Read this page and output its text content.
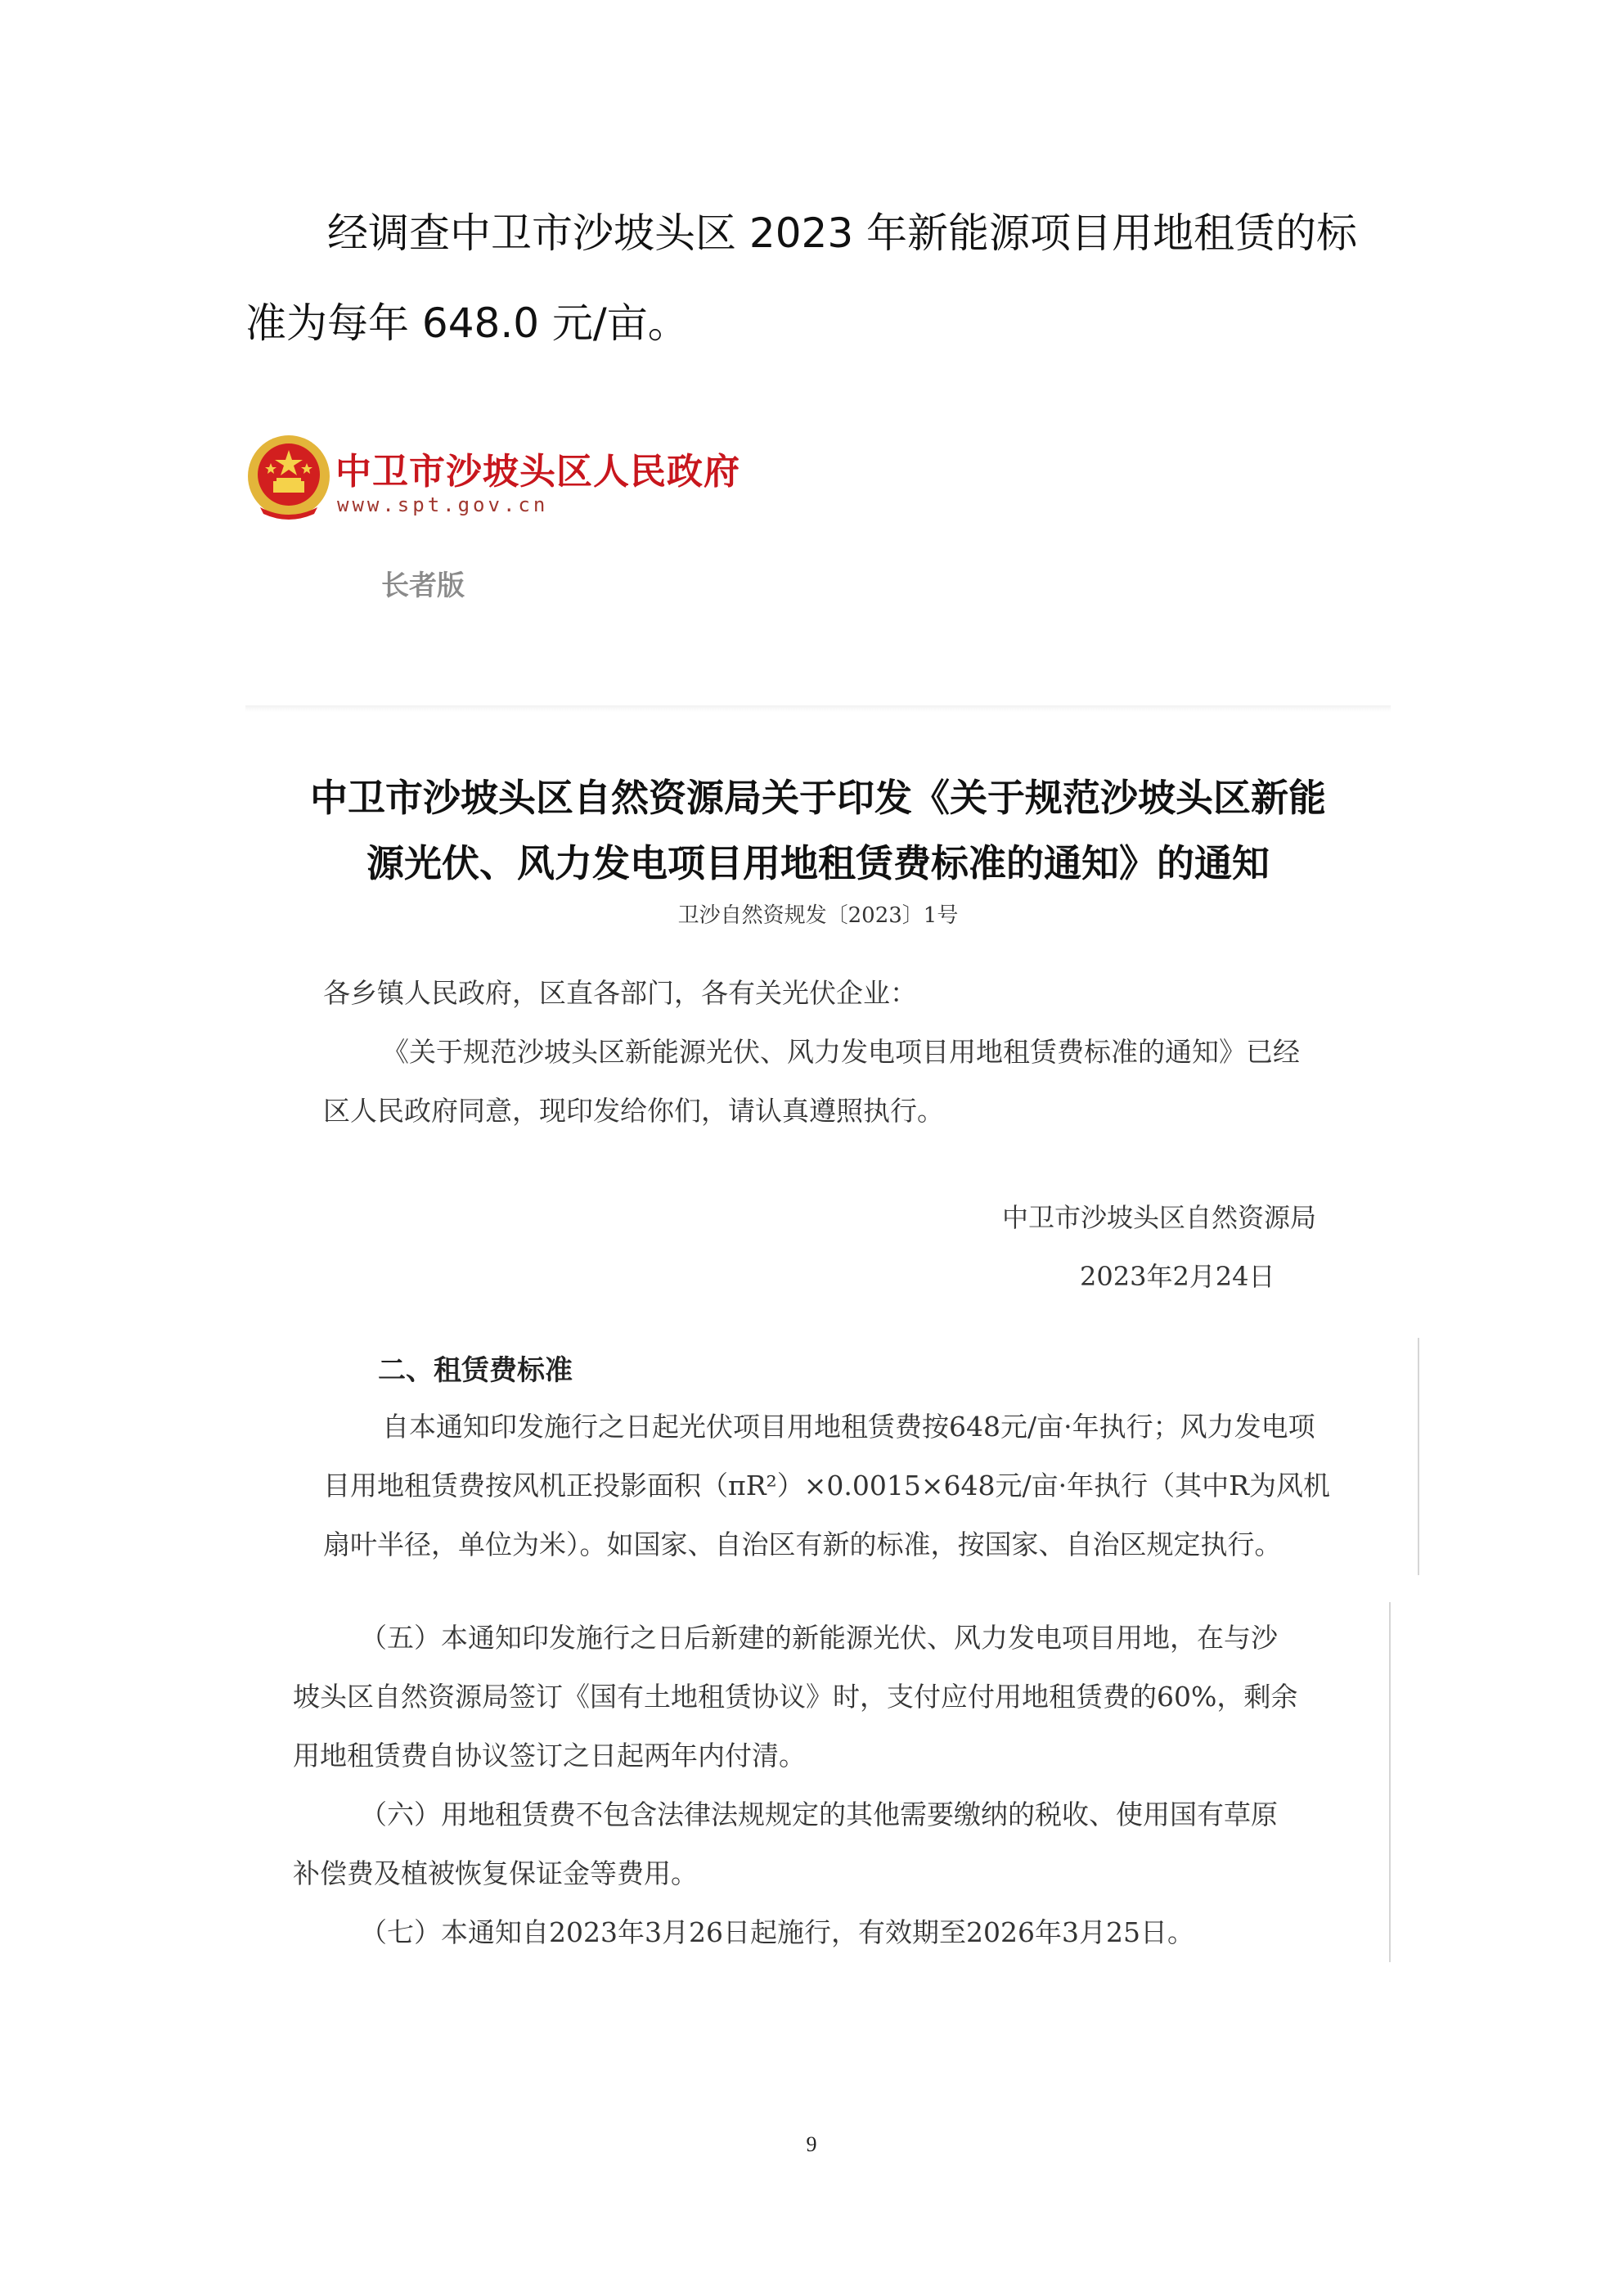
经调查中卫市沙坡头区 2023 年新能源项目用地租赁的标
准为每年 648.0 元/亩。
中卫市沙坡头区人民政府
www.spt.gov.cn
长者版
中卫市沙坡头区自然资源局关于印发《关于规范沙坡头区新能
源光伏、风力发电项目用地租赁费标准的通知》的通知
卫沙自然资规发〔2023〕1号
各乡镇人民政府，区直各部门，各有关光伏企业：
《关于规范沙坡头区新能源光伏、风力发电项目用地租赁费标准的通知》已经
区人民政府同意，现印发给你们，请认真遵照执行。
中卫市沙坡头区自然资源局
2023年2月24日
二、租赁费标准
自本通知印发施行之日起光伏项目用地租赁费按648元/亩·年执行；风力发电项
目用地租赁费按风机正投影面积（πR²）×0.0015×648元/亩·年执行（其中R为风机
扇叶半径，单位为米）。如国家、自治区有新的标准，按国家、自治区规定执行。
（五）本通知印发施行之日后新建的新能源光伏、风力发电项目用地，在与沙
坡头区自然资源局签订《国有土地租赁协议》时，支付应付用地租赁费的60%，剩余
用地租赁费自协议签订之日起两年内付清。
（六）用地租赁费不包含法律法规规定的其他需要缴纳的税收、使用国有草原
补偿费及植被恢复保证金等费用。
（七）本通知自2023年3月26日起施行，有效期至2026年3月25日。
9
